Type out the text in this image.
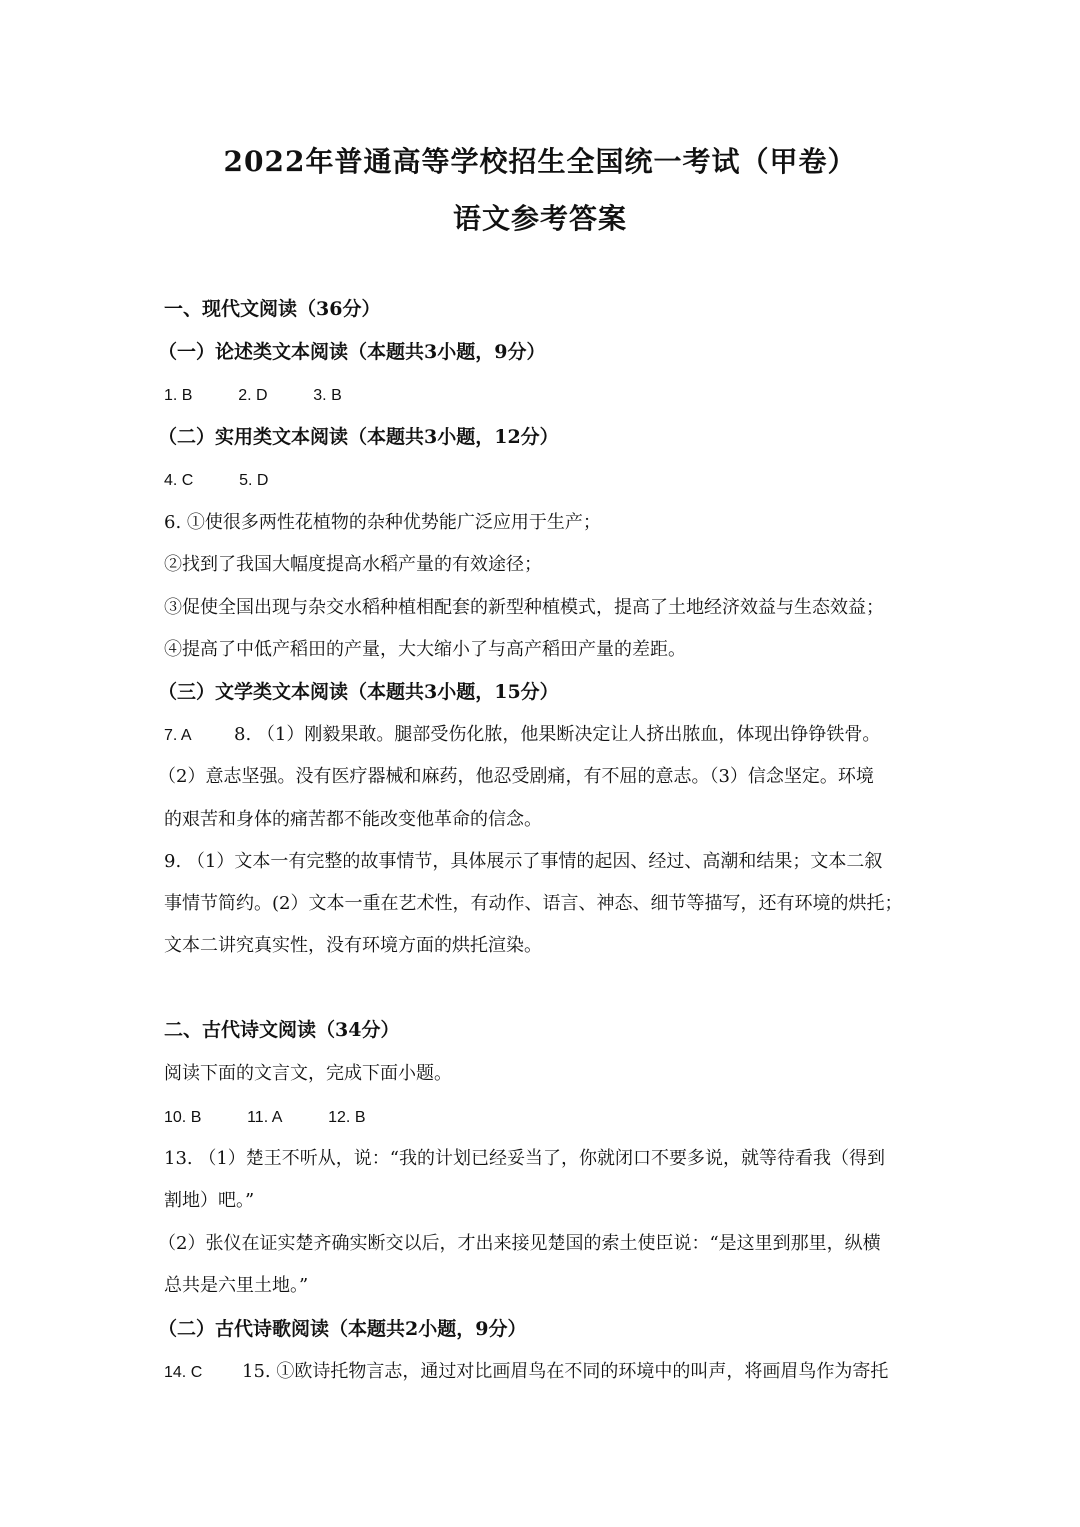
2022年普通高等学校招生全国统一考试（甲卷）
语文参考答案
一、现代文阅读（36分）
（一）论述类文本阅读（本题共3小题，9分）
1. B	2. D	3. B
（二）实用类文本阅读（本题共3小题，12分）
4. C	5. D
6. ①使很多两性花植物的杂种优势能广泛应用于生产；
②找到了我国大幅度提高水稻产量的有效途径；
③促使全国出现与杂交水稻种植相配套的新型种植模式，提高了土地经济效益与生态效益；
④提高了中低产稻田的产量，大大缩小了与高产稻田产量的差距。
（三）文学类文本阅读（本题共3小题，15分）
7. A 8. （1）刚毅果敢。腿部受伤化脓，他果断决定让人挤出脓血，体现出铮铮铁骨。
（2）意志坚强。没有医疗器械和麻药，他忍受剧痛，有不屈的意志。（3）信念坚定。环境
的艰苦和身体的痛苦都不能改变他革命的信念。
9. （1）文本一有完整的故事情节，具体展示了事情的起因、经过、高潮和结果；文本二叙
事情节简约。(2）文本一重在艺术性，有动作、语言、神态、细节等描写，还有环境的烘托；
文本二讲究真实性，没有环境方面的烘托渲染。
二、古代诗文阅读（34分）
阅读下面的文言文，完成下面小题。
10. B	11. A	12. B
13. （1）楚王不听从，说：“我的计划已经妥当了，你就闭口不要多说，就等待看我（得到
割地）吧。”
（2）张仪在证实楚齐确实断交以后，才出来接见楚国的索土使臣说：“是这里到那里，纵横
总共是六里土地。”
（二）古代诗歌阅读（本题共2小题，9分）
14. C 15. ①欧诗托物言志，通过对比画眉鸟在不同的环境中的叫声，将画眉鸟作为寄托
